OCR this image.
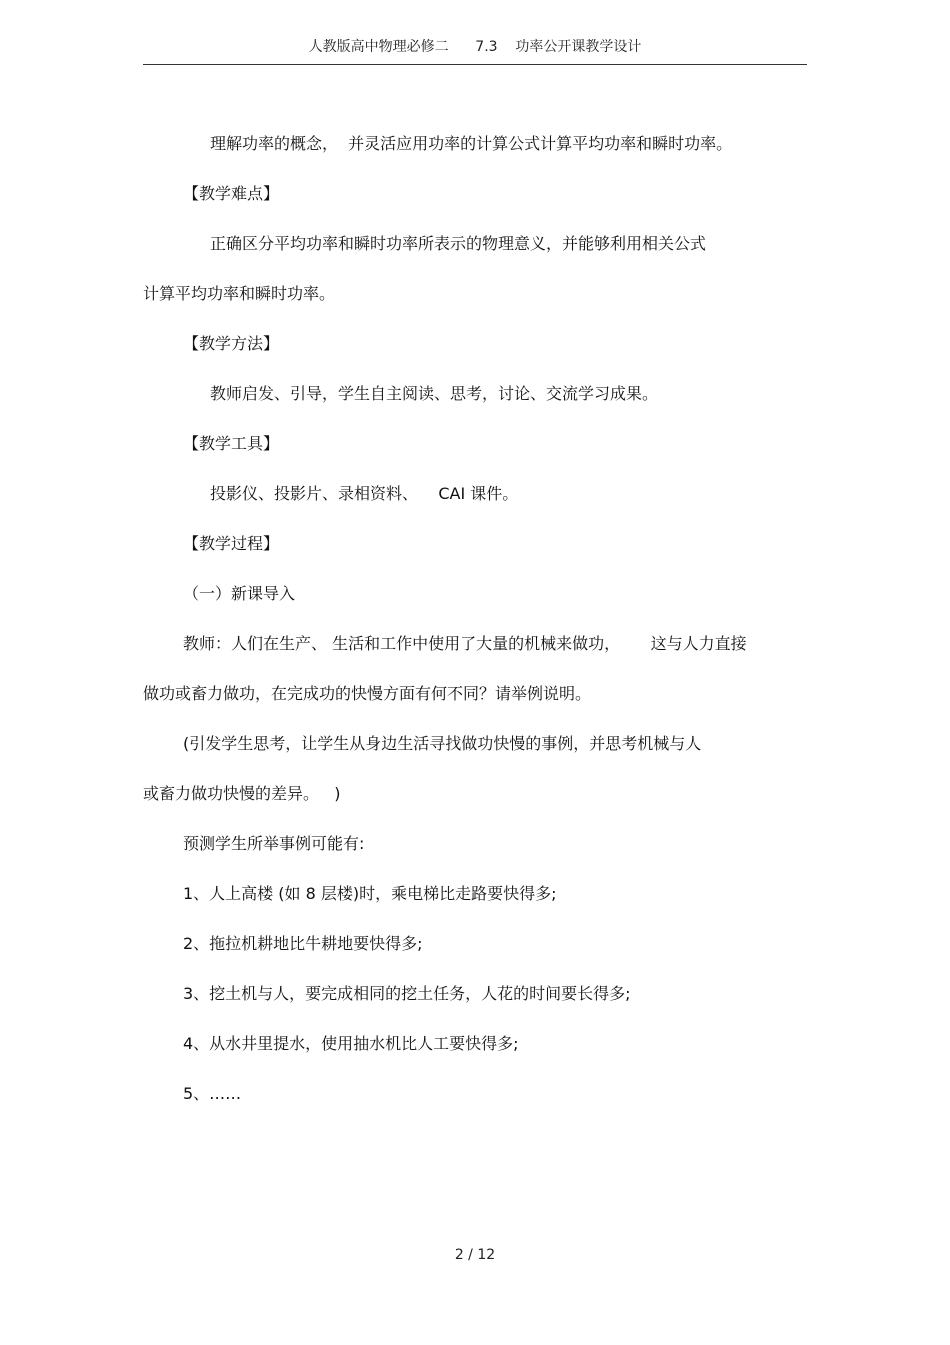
人教版高中物理必修二      7.3    功率公开课教学设计
理解功率的概念，  并灵活应用功率的计算公式计算平均功率和瞬时功率。
【教学难点】
正确区分平均功率和瞬时功率所表示的物理意义，并能够利用相关公式
计算平均功率和瞬时功率。
【教学方法】
教师启发、引导，学生自主阅读、思考，讨论、交流学习成果。
【教学工具】
投影仪、投影片、录相资料、    CAI 课件。
【教学过程】
（一）新课导入
教师：人们在生产、 生活和工作中使用了大量的机械来做功，      这与人力直接
做功或畜力做功，在完成功的快慢方面有何不同？请举例说明。
(引发学生思考，让学生从身边生活寻找做功快慢的事例，并思考机械与人
或畜力做功快慢的差异。   )
预测学生所举事例可能有:
1、人上高楼 (如 8 层楼)时，乘电梯比走路要快得多;
2、拖拉机耕地比牛耕地要快得多;
3、挖土机与人，要完成相同的挖土任务，人花的时间要长得多;
4、从水井里提水，使用抽水机比人工要快得多;
5、……
2 / 12
